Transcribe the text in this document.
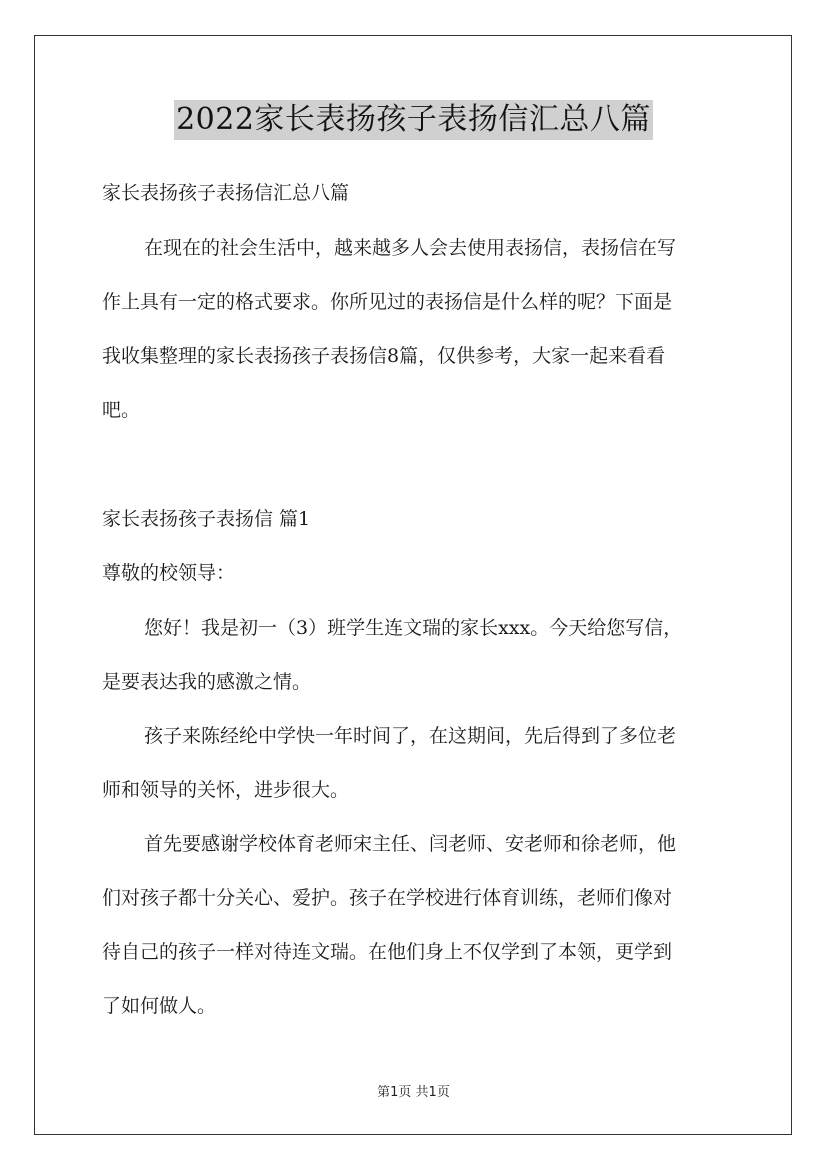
2022家长表扬孩子表扬信汇总八篇
家长表扬孩子表扬信汇总八篇
在现在的社会生活中，越来越多人会去使用表扬信，表扬信在写
作上具有一定的格式要求。你所见过的表扬信是什么样的呢？下面是
我收集整理的家长表扬孩子表扬信8篇，仅供参考，大家一起来看看
吧。
家长表扬孩子表扬信 篇1
尊敬的校领导：
您好！我是初一（3）班学生连文瑞的家长xxx。今天给您写信，
是要表达我的感激之情。
孩子来陈经纶中学快一年时间了，在这期间，先后得到了多位老
师和领导的关怀，进步很大。
首先要感谢学校体育老师宋主任、闫老师、安老师和徐老师，他
们对孩子都十分关心、爱护。孩子在学校进行体育训练，老师们像对
待自己的孩子一样对待连文瑞。在他们身上不仅学到了本领，更学到
了如何做人。
第1页 共1页
